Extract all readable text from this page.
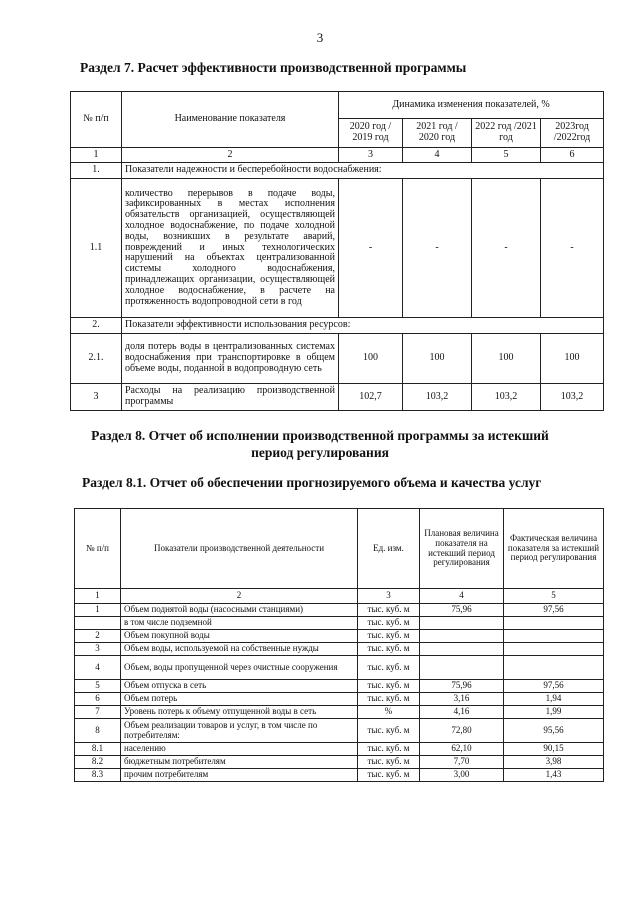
3
Раздел 7. Расчет эффективности производственной программы
№ п/п	Наименование показателя	Динамика изменения показателей, %			
		2020 год / 2019 год	2021 год / 2020 год	2022 год /2021 год	2023год /2022год
1	2	3	4	5	6
1.	Показатели надежности и бесперебойности водоснабжения:				
1.1	количество перерывов в подаче воды, зафиксированных в местах исполнения обязательств организацией, осуществляющей холодное водоснабжение, по подаче холодной воды, возникших в результате аварий, повреждений и иных технологических нарушений на объектах централизованной системы холодного водоснабжения, принадлежащих организации, осуществляющей холодное водоснабжение, в расчете на протяженность водопроводной сети в год	-	-	-	-
2.	Показатели эффективности использования ресурсов:				
2.1.	доля потерь воды в централизованных системах водоснабжения при транспортировке в общем объеме воды, поданной в водопроводную сеть	100	100	100	100
3	Расходы на реализацию производственной программы	102,7	103,2	103,2	103,2
Раздел 8. Отчет об исполнении производственной программы за истекший
период регулирования
Раздел 8.1. Отчет об обеспечении прогнозируемого объема и качества услуг
№ п/п	Показатели производственной деятельности	Ед. изм.	Плановая величина показателя на истекший период регулирования	Фактическая величина показателя за истекший период регулирования
1	2	3	4	5
1	Объем поднятой воды (насосными станциями)	тыс. куб. м	75,96	97,56
	в том числе подземной	тыс. куб. м		
2	Объем покупной воды	тыс. куб. м		
3	Объем воды, используемой на собственные нужды	тыс. куб. м		
4	Объем, воды пропущенной через очистные сооружения	тыс. куб. м		
5	Объем отпуска в сеть	тыс. куб. м	75,96	97,56
6	Объем потерь	тыс. куб. м	3,16	1,94
7	Уровень потерь к объему отпущенной воды в сеть	%	4,16	1,99
8	Объем реализации товаров и услуг, в том числе по потребителям:	тыс. куб. м	72,80	95,56
8.1	населению	тыс. куб. м	62,10	90,15
8.2	бюджетным потребителям	тыс. куб. м	7,70	3,98
8.3	прочим потребителям	тыс. куб. м	3,00	1,43
